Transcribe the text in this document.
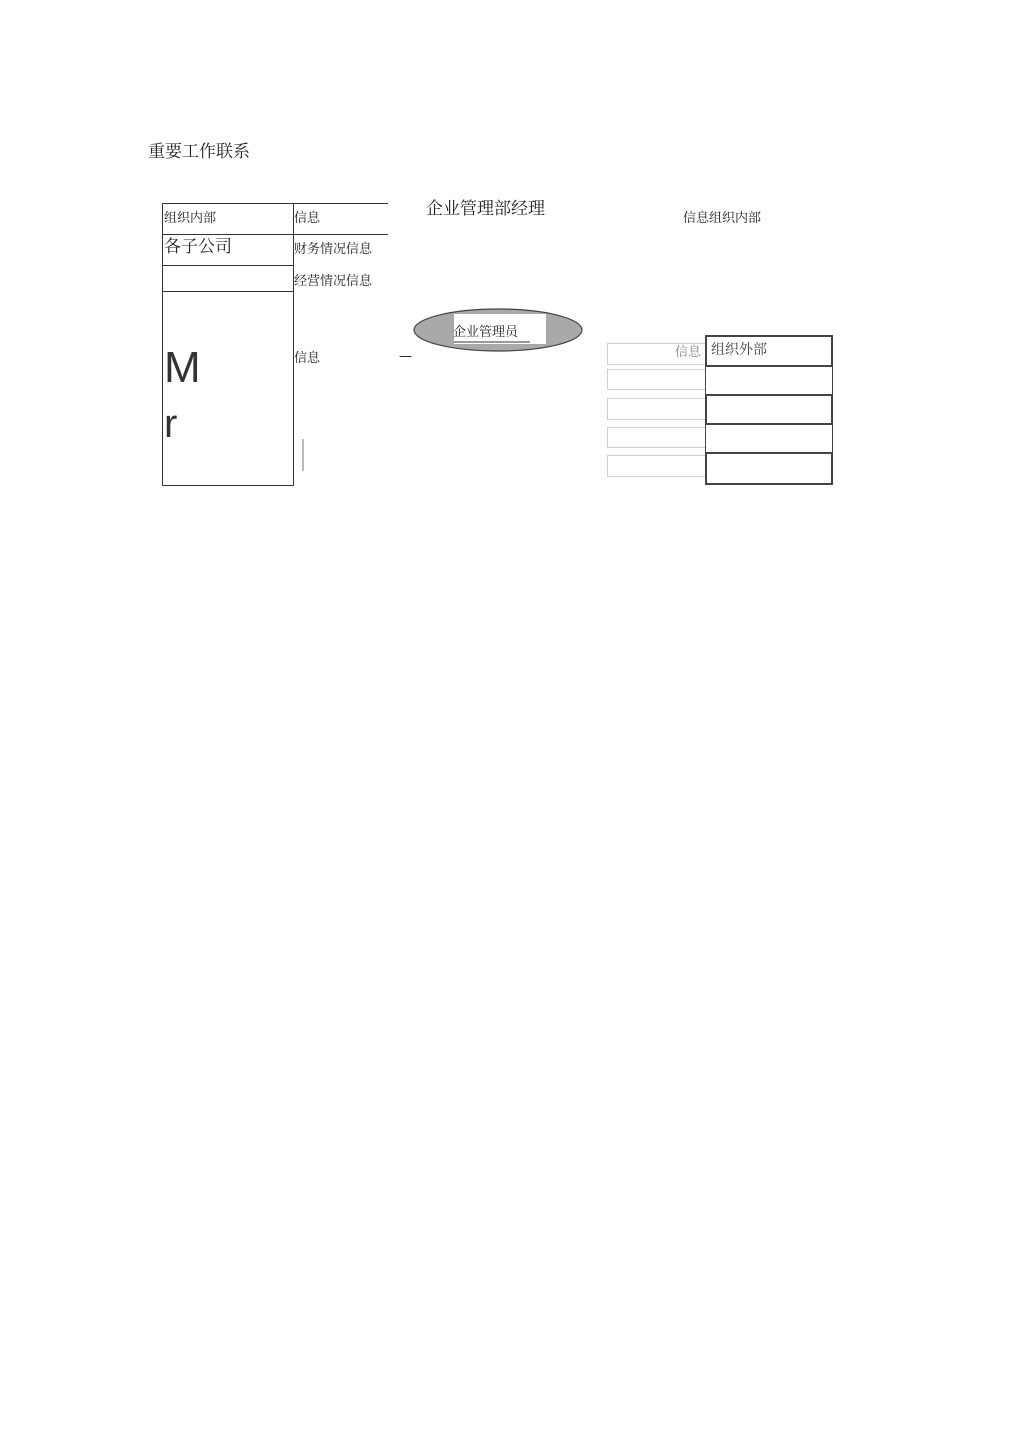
重要工作联系
组织内部
各子公司
M
r
信息
财务情况信息
经营情况信息
信息	—
企业管理部经理
企业管理员
信息组织内部
信息 组织外部
